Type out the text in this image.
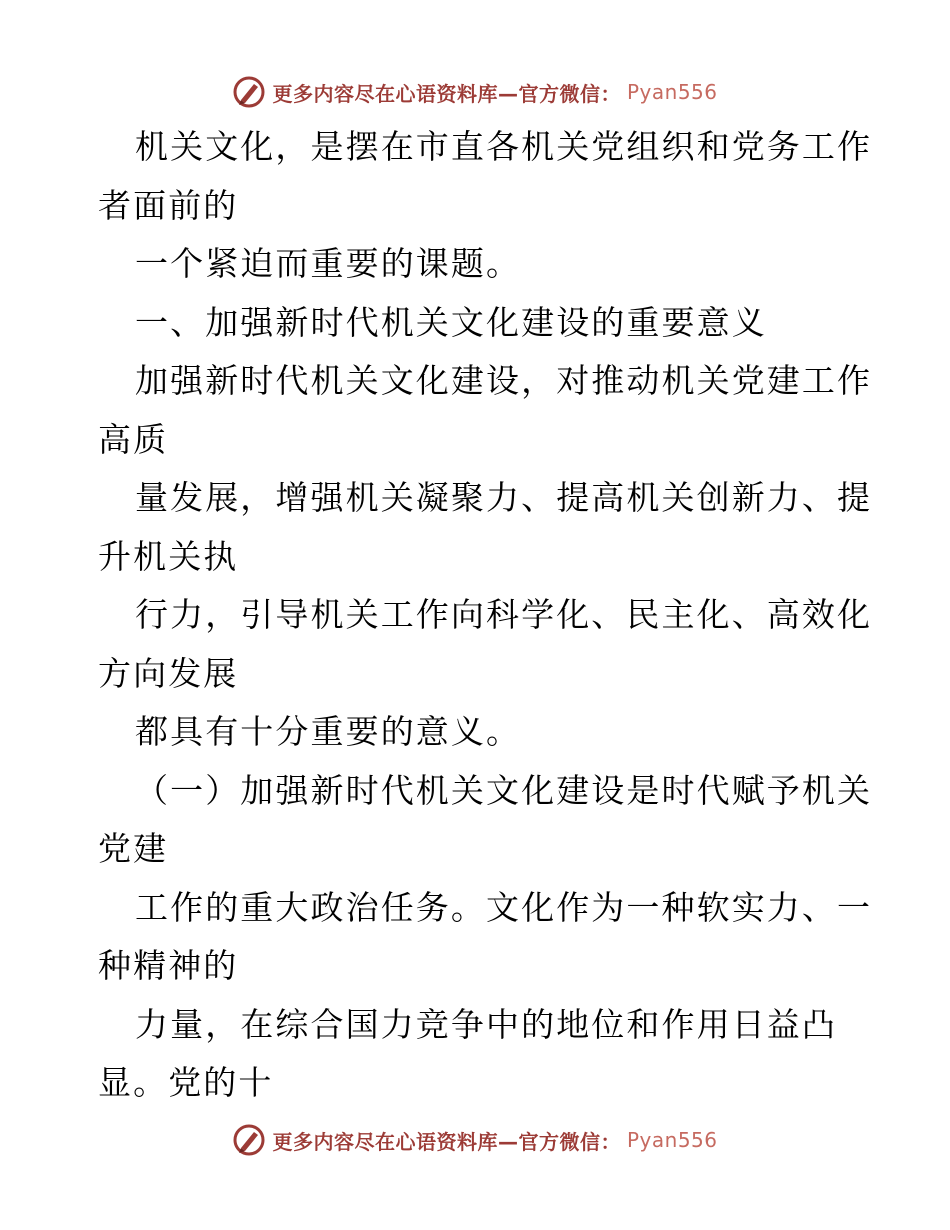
更多内容尽在心语资料库—官方微信： Pyan556
机关文化，是摆在市直各机关党组织和党务工作
者面前的
一个紧迫而重要的课题。
一、加强新时代机关文化建设的重要意义
加强新时代机关文化建设，对推动机关党建工作
高质
量发展，增强机关凝聚力、提高机关创新力、提
升机关执
行力，引导机关工作向科学化、民主化、高效化
方向发展
都具有十分重要的意义。
（一）加强新时代机关文化建设是时代赋予机关
党建
工作的重大政治任务。文化作为一种软实力、一
种精神的
力量，在综合国力竞争中的地位和作用日益凸
显。党的十
更多内容尽在心语资料库—官方微信： Pyan556
